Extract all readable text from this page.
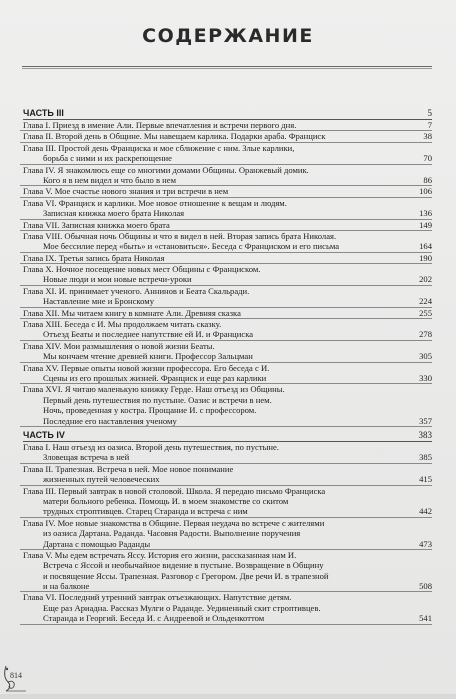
СОДЕРЖАНИЕ
ЧАСТЬ III	5
Глава I. Приезд в имение Али. Первые впечатления и встречи первого дня.	7
Глава II. Второй день в Общине. Мы навещаем карлика. Подарки араба. Франциск	38
Глава III. Простой день Франциска и мое сближение с ним. Злые карлики,
борьба с ними и их раскрепощение	70
Глава IV. Я знакомлюсь еще со многими домами Общины. Оранжевый домик.
Кого я в нем видел и что было в нем	86
Глава V. Мое счастье нового знания и три встречи в нем	106
Глава VI. Франциск и карлики. Мое новое отношение к вещам и людям.
Записная книжка моего брата Николая	136
Глава VII. Записная книжка моего брата	149
Глава VIII. Обычная ночь Общины и что я видел в ней. Вторая запись брата Николая.
Мое бессилие перед «быть» и «становиться». Беседа с Франциском и его письма	164
Глава IX. Третья запись брата Николая	190
Глава X. Ночное посещение новых мест Общины с Франциском.
Новые люди и мои новые встречи-уроки	202
Глава XI. И. принимает ученого. Аннинов и Беата Скальради.
Наставление мне и Бронскому	224
Глава XII. Мы читаем книгу в комнате Али. Древняя сказка	255
Глава XIII. Беседа с И. Мы продолжаем читать сказку.
Отъезд Беаты и последнее напутствие ей И. и Франциска	278
Глава XIV. Мои размышления о новой жизни Беаты.
Мы кончаем чтение древней книги. Профессор Зальцман	305
Глава XV. Первые опыты новой жизни профессора. Его беседа с И.
Сцены из его прошлых жизней. Франциск и еще раз карлики	330
Глава XVI. Я читаю маленькую книжку Герде. Наш отъезд из Общины.
Первый день путешествия по пустыне. Оазис и встречи в нем.
Ночь, проведенная у костра. Прощание И. с профессором.
Последние его наставления ученому	357
ЧАСТЬ IV	383
Глава I. Наш отъезд из оазиса. Второй день путешествия, по пустыне.
Зловещая встреча в ней	385
Глава II. Трапезная. Встреча в ней. Мое новое понимание
жизненных путей человеческих	415
Глава III. Первый завтрак в новой столовой. Школа. Я передаю письмо Франциска
матери больного ребенка. Помощь И. в моем знакомстве со скитом
трудных строптивцев. Старец Старанда и встреча с ним	442
Глава IV. Мое новые знакомства в Общине. Первая неудача во встрече с жителями
из оазиса Дартана. Раданда. Часовня Радости. Выполнение поручения
Дартана с помощью Раданды	473
Глава V. Мы едем встречать Яссу. История его жизни, рассказанная нам И.
Встреча с Яссой и необычайное видение в пустыне. Возвращение в Общину
и посвящение Яссы. Трапезная. Разговор с Грегором. Две речи И. в трапезной
и на балконе	508
Глава VI. Последний утренний завтрак отъезжающих. Напутствие детям.
Еще раз Ариадна. Рассказ Мулги о Раданде. Уединенный скит строптивцев.
Старанда и Георгий. Беседа И. с Андреевой и Ольденкоттом	541
814
